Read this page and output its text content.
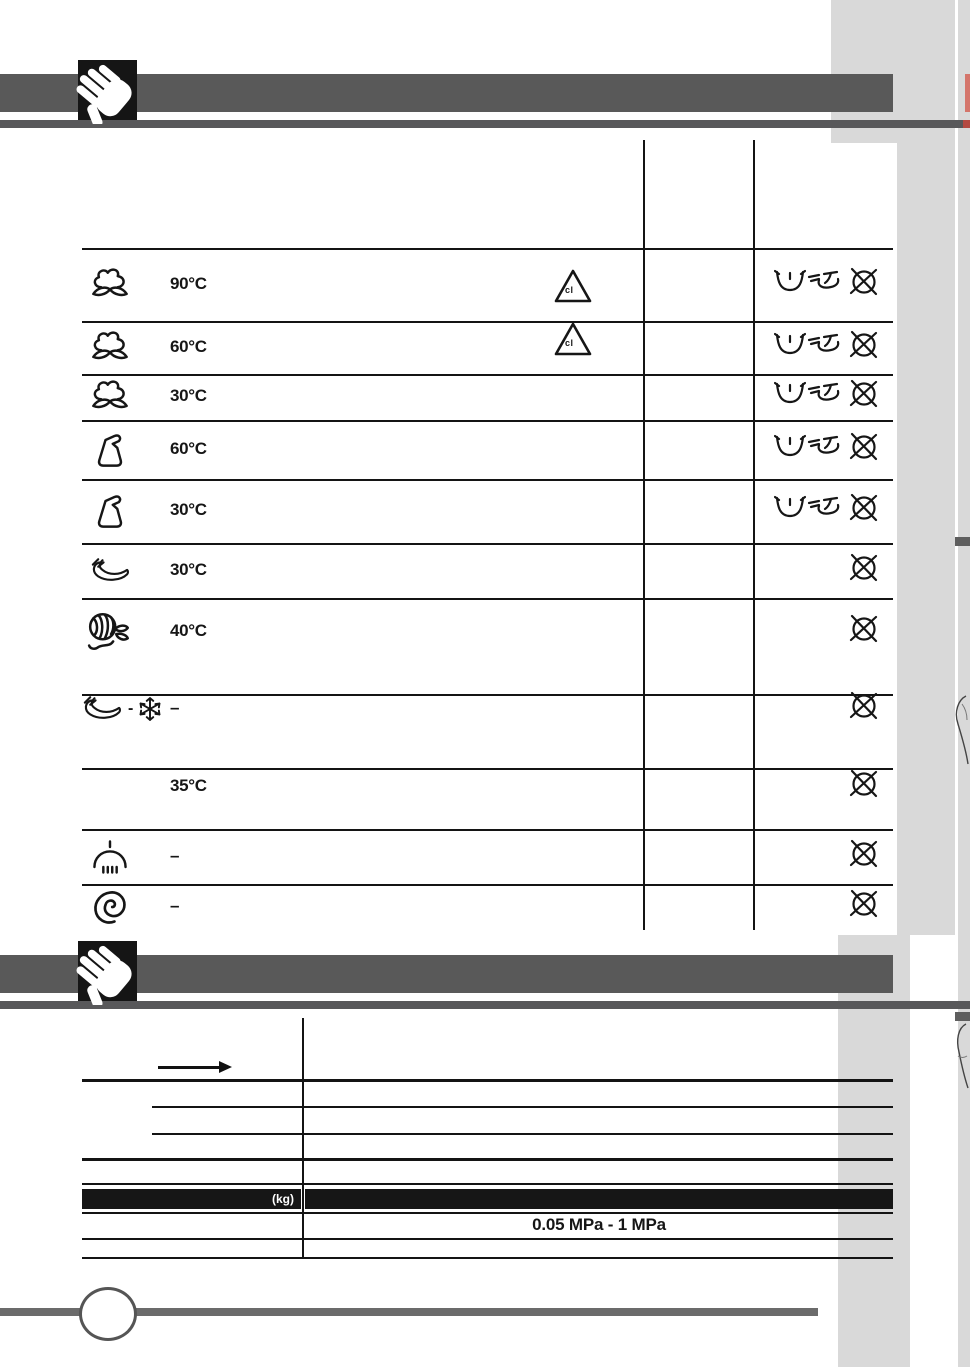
90°C	cl
60°C	cl
30°C
60°C
30°C
30°C
40°C
- –
35°C
–
–
(kg)
0.05 MPa - 1 MPa
